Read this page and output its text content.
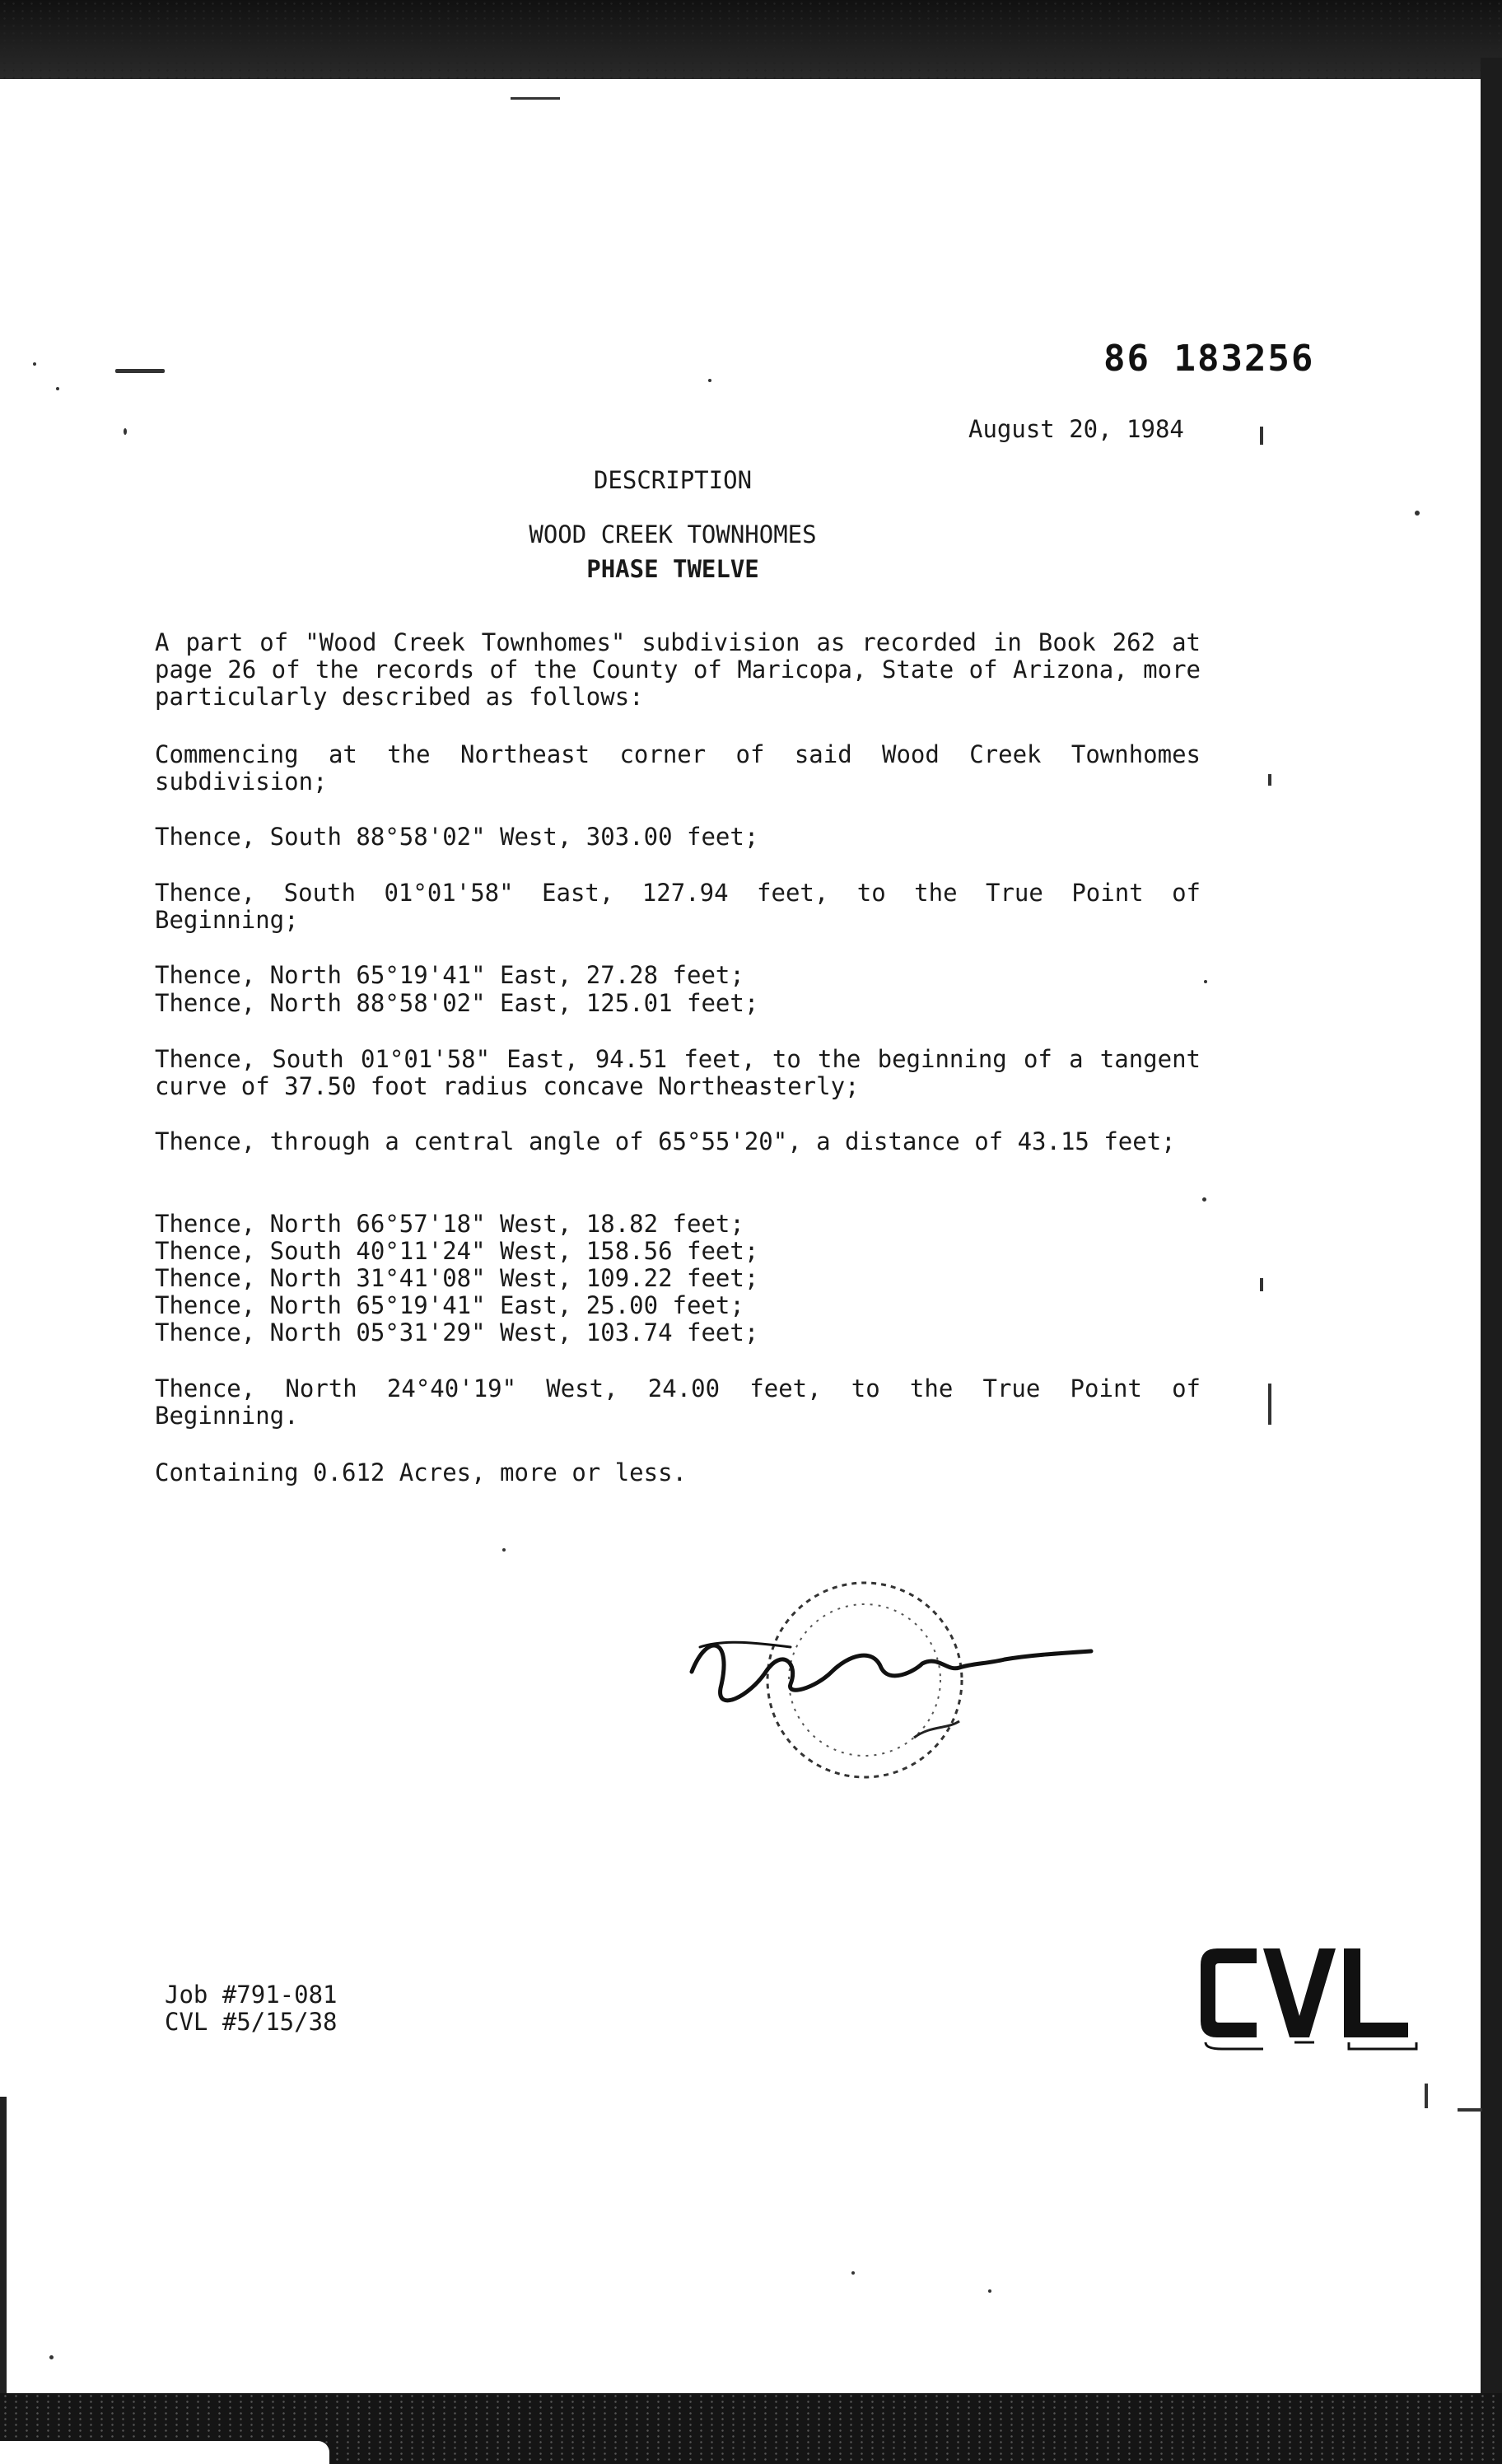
86 183256
August 20, 1984
DESCRIPTION
WOOD CREEK TOWNHOMES
PHASE TWELVE

A part of "Wood Creek Townhomes" subdivision as recorded in Book 262 at page 26 of the records of the County of Maricopa, State of Arizona, more particularly described as follows:

Commencing at the Northeast corner of said Wood Creek Townhomes subdivision;

Thence, South 88°58'02" West, 303.00 feet;

Thence, South 01°01'58" East, 127.94 feet, to the True Point of Beginning;

Thence, North 65°19'41" East, 27.28 feet;

Thence, North 88°58'02" East, 125.01 feet;

Thence, South 01°01'58" East, 94.51 feet, to the beginning of a tangent curve of 37.50 foot radius concave Northeasterly;

Thence, through a central angle of 65°55'20", a distance of 43.15 feet;

Thence, North 66°57'18" West, 18.82 feet;

Thence, South 40°11'24" West, 158.56 feet;

Thence, North 31°41'08" West, 109.22 feet;

Thence, North 65°19'41" East, 25.00 feet;

Thence, North 05°31'29" West, 103.74 feet;

Thence, North 24°40'19" West, 24.00 feet, to the True Point of Beginning.

Containing 0.612 Acres, more or less.

Job #791-081
CVL #5/15/38
